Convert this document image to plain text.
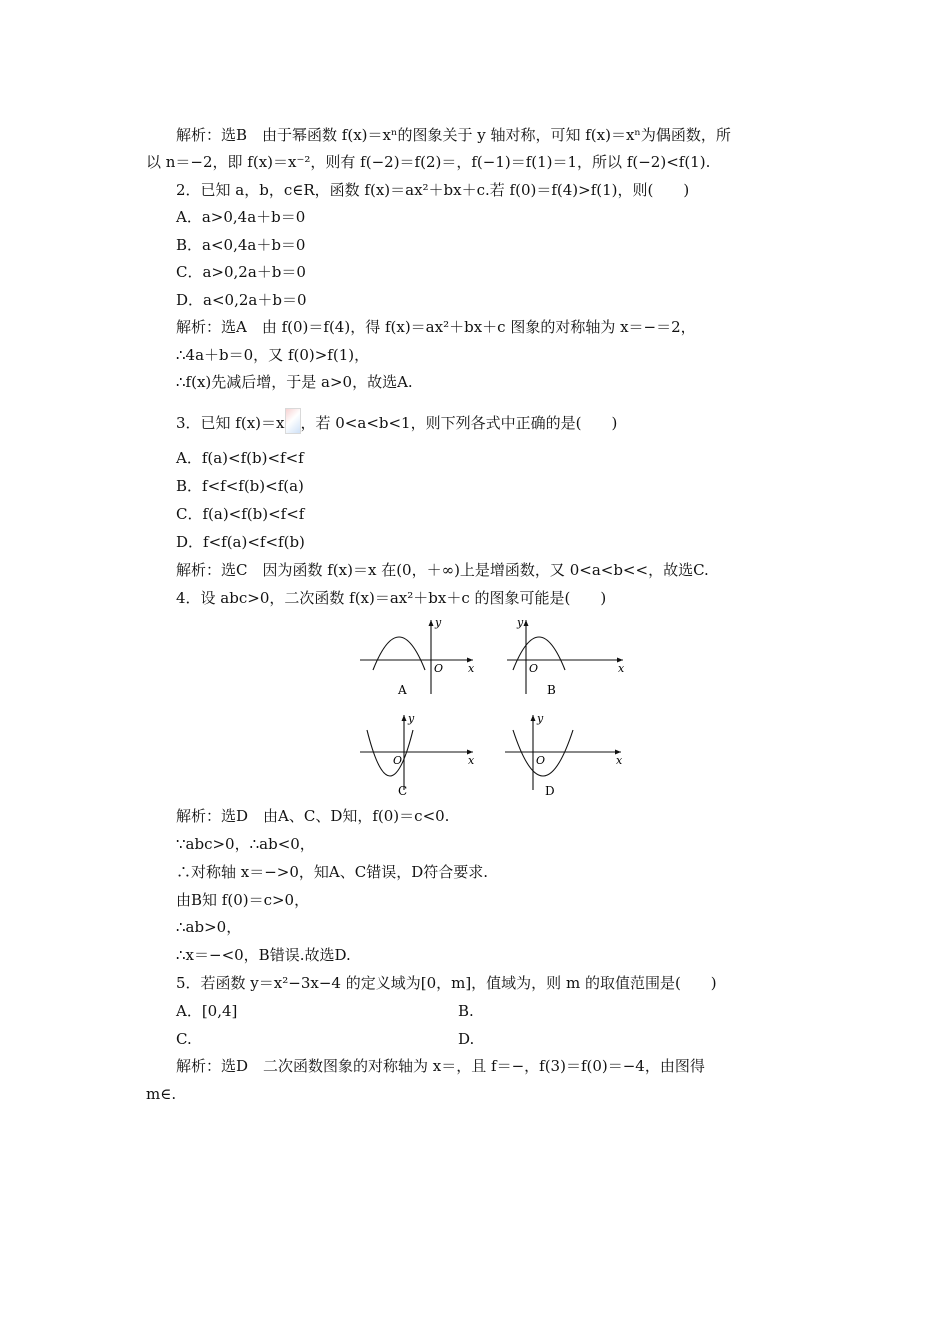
解析：选B　由于幂函数 f(x)＝xⁿ的图象关于 y 轴对称，可知 f(x)＝xⁿ为偶函数，所
以 n＝−2，即 f(x)＝x⁻²，则有 f(−2)＝f(2)＝，f(−1)＝f(1)＝1，所以 f(−2)<f(1).
2．已知 a，b，c∈R，函数 f(x)＝ax²＋bx＋c.若 f(0)＝f(4)>f(1)，则(　　)
A．a>0,4a＋b＝0
B．a<0,4a＋b＝0
C．a>0,2a＋b＝0
D．a<0,2a＋b＝0
解析：选A　由 f(0)＝f(4)，得 f(x)＝ax²＋bx＋c 图象的对称轴为 x＝−＝2，
∴4a＋b＝0，又 f(0)>f(1)，
∴f(x)先减后增，于是 a>0，故选A.
3．已知 f(x)＝x ，若 0<a<b<1，则下列各式中正确的是(　　)
A．f(a)<f(b)<f<f
B．f<f<f(b)<f(a)
C．f(a)<f(b)<f<f
D．f<f(a)<f<f(b)
解析：选C　因为函数 f(x)＝x 在(0，＋∞)上是增函数，又 0<a<b<<，故选C.
4．设 abc>0，二次函数 f(x)＝ax²＋bx＋c 的图象可能是(　　)
y
x
O
y
x
O
y
x
O
y
x
O
A	B
C	D
解析：选D　由A、C、D知，f(0)＝c<0.
∵abc>0，∴ab<0，
∴对称轴 x＝−>0，知A、C错误，D符合要求.
由B知 f(0)＝c>0，
∴ab>0，
∴x＝−<0，B错误.故选D.
5．若函数 y＝x²−3x−4 的定义域为[0，m]，值域为，则 m 的取值范围是(　　)
A．[0,4]	B.
C.	D.
解析：选D　二次函数图象的对称轴为 x＝，且 f＝−，f(3)＝f(0)＝−4，由图得
m∈.
